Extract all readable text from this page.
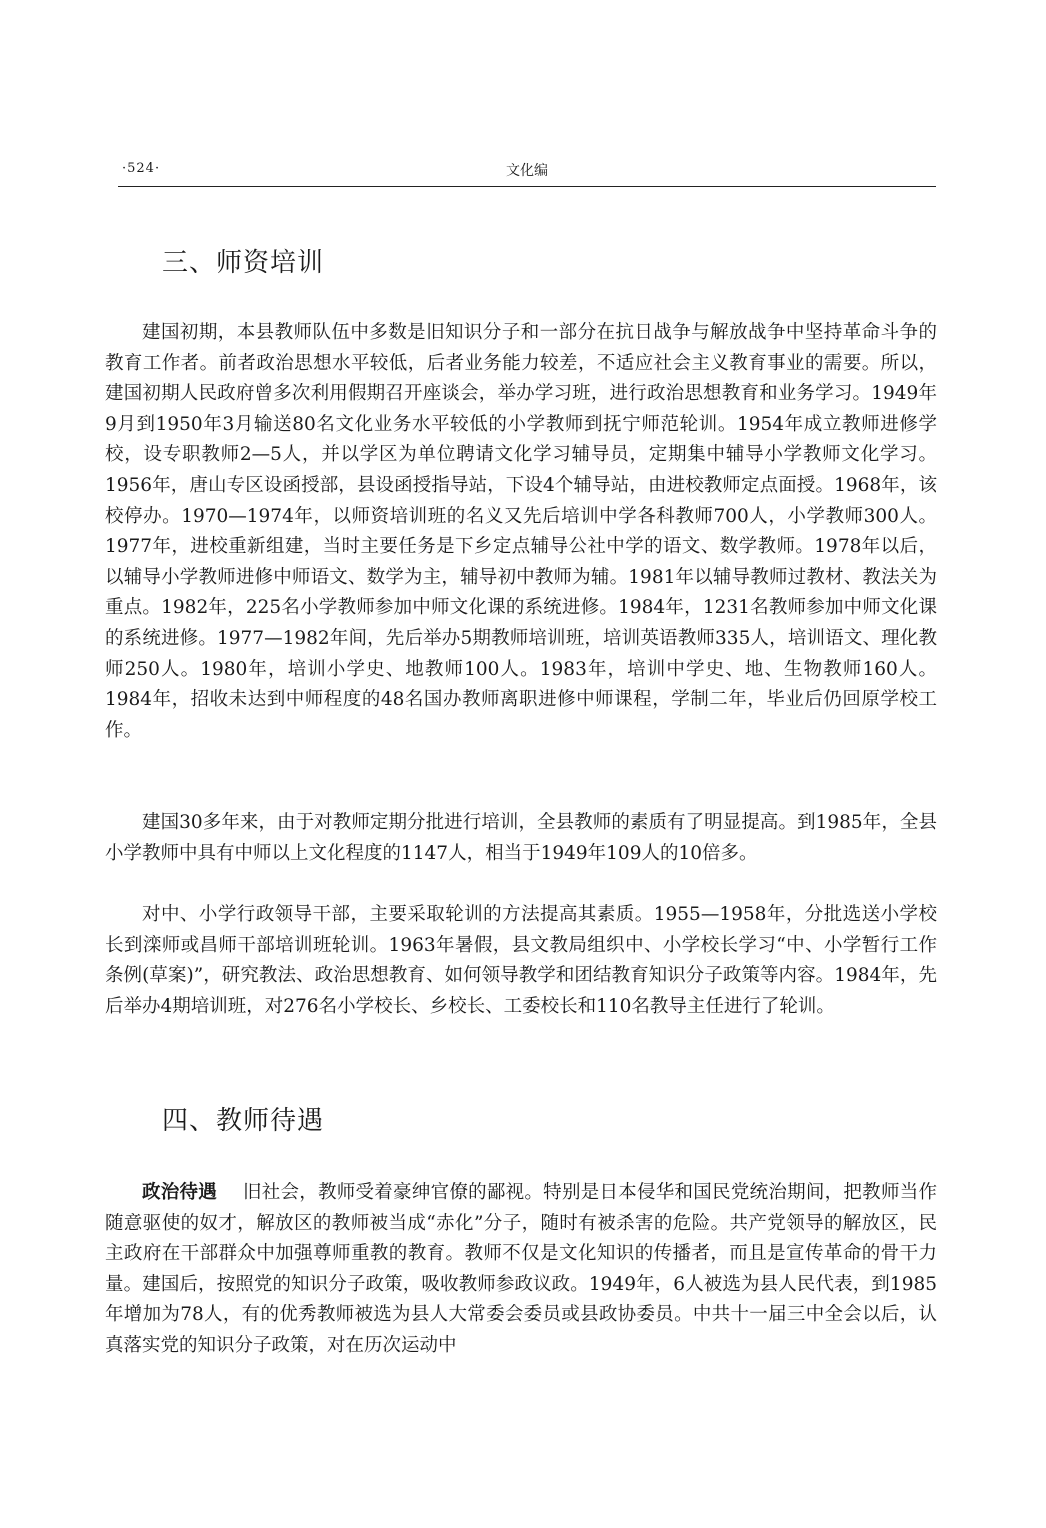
·524·	文化编
三、师资培训

建国初期，本县教师队伍中多数是旧知识分子和一部分在抗日战争与解放战争中坚持革命斗争的教育工作者。前者政治思想水平较低，后者业务能力较差，不适应社会主义教育事业的需要。所以，建国初期人民政府曾多次利用假期召开座谈会，举办学习班，进行政治思想教育和业务学习。1949年9月到1950年3月输送80名文化业务水平较低的小学教师到抚宁师范轮训。1954年成立教师进修学校，设专职教师2—5人，并以学区为单位聘请文化学习辅导员，定期集中辅导小学教师文化学习。1956年，唐山专区设函授部，县设函授指导站，下设4个辅导站，由进校教师定点面授。1968年，该校停办。1970—1974年，以师资培训班的名义又先后培训中学各科教师700人，小学教师300人。1977年，进校重新组建，当时主要任务是下乡定点辅导公社中学的语文、数学教师。1978年以后，以辅导小学教师进修中师语文、数学为主，辅导初中教师为辅。1981年以辅导教师过教材、教法关为重点。1982年，225名小学教师参加中师文化课的系统进修。1984年，1231名教师参加中师文化课的系统进修。1977—1982年间，先后举办5期教师培训班，培训英语教师335人，培训语文、理化教师250人。1980年，培训小学史、地教师100人。1983年，培训中学史、地、生物教师160人。1984年，招收未达到中师程度的48名国办教师离职进修中师课程，学制二年，毕业后仍回原学校工作。

建国30多年来，由于对教师定期分批进行培训，全县教师的素质有了明显提高。到1985年，全县小学教师中具有中师以上文化程度的1147人，相当于1949年109人的10倍多。

对中、小学行政领导干部，主要采取轮训的方法提高其素质。1955—1958年，分批选送小学校长到滦师或昌师干部培训班轮训。1963年暑假，县文教局组织中、小学校长学习“中、小学暂行工作条例(草案)”，研究教法、政治思想教育、如何领导教学和团结教育知识分子政策等内容。1984年，先后举办4期培训班，对276名小学校长、乡校长、工委校长和110名教导主任进行了轮训。

四、教师待遇

政治待遇 旧社会，教师受着豪绅官僚的鄙视。特别是日本侵华和国民党统治期间，把教师当作随意驱使的奴才，解放区的教师被当成“赤化”分子，随时有被杀害的危险。共产党领导的解放区，民主政府在干部群众中加强尊师重教的教育。教师不仅是文化知识的传播者，而且是宣传革命的骨干力量。建国后，按照党的知识分子政策，吸收教师参政议政。1949年，6人被选为县人民代表，到1985年增加为78人，有的优秀教师被选为县人大常委会委员或县政协委员。中共十一届三中全会以后，认真落实党的知识分子政策，对在历次运动中
